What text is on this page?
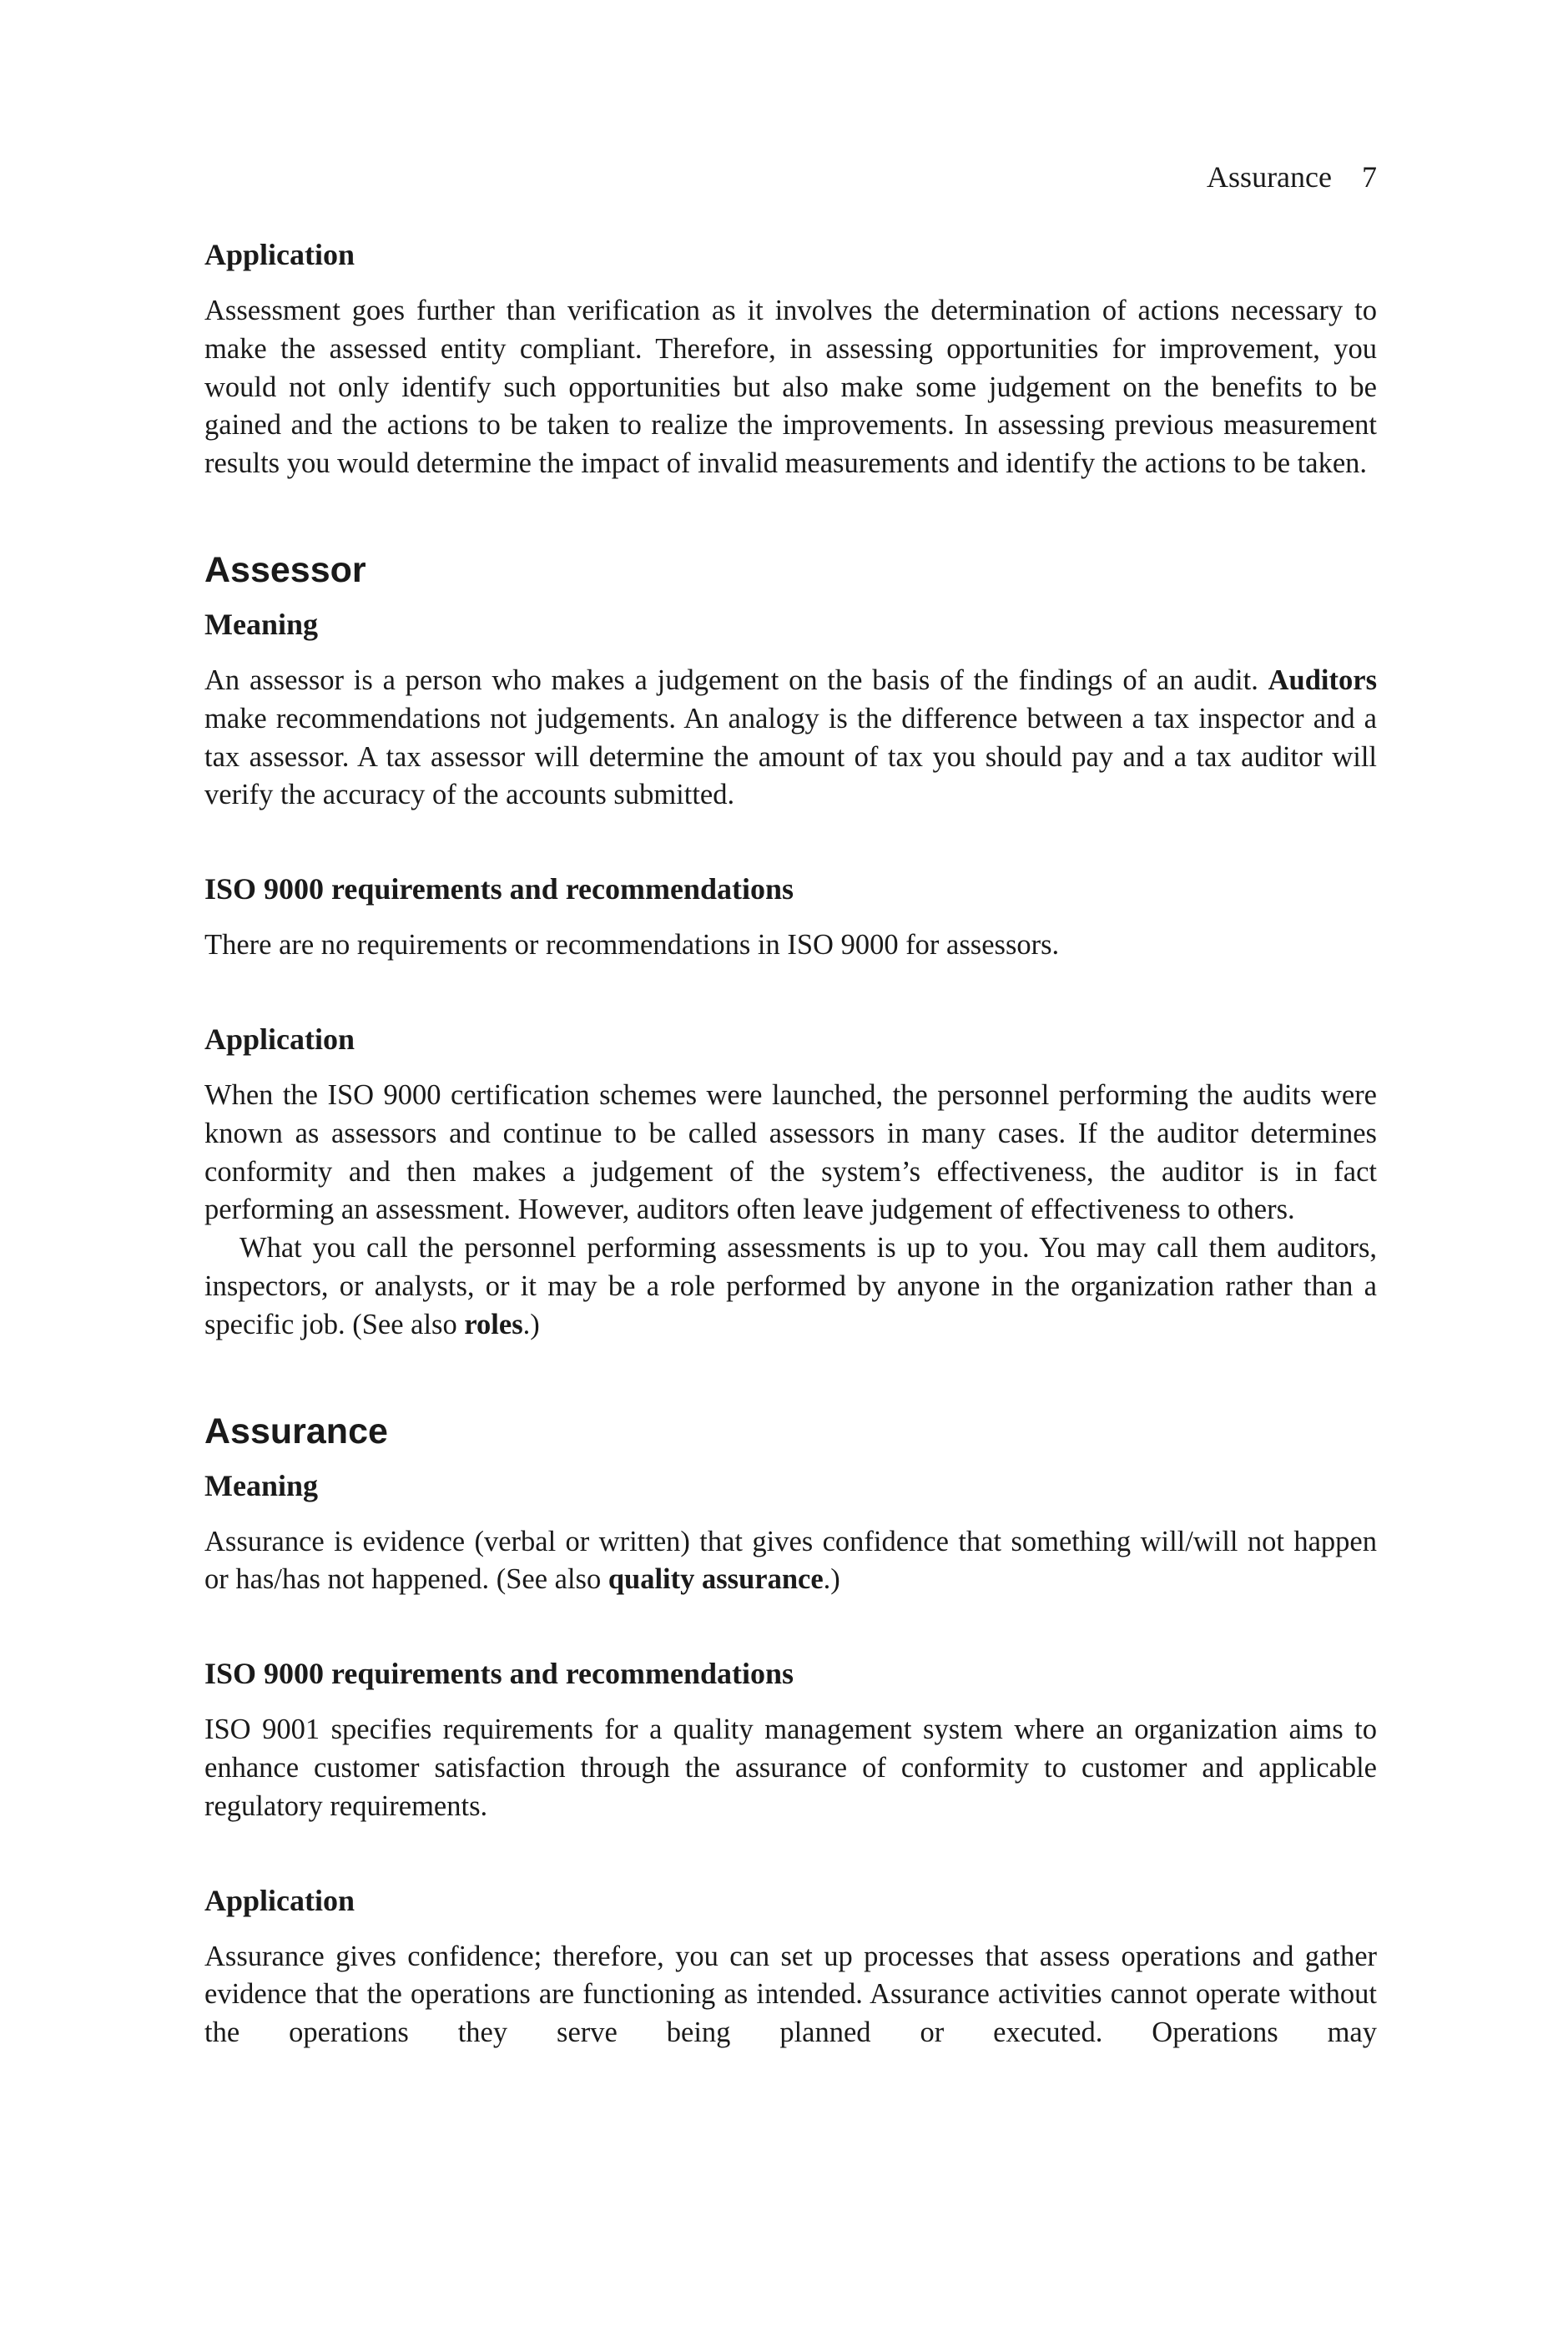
Assurance 7
Application

Assessment goes further than verification as it involves the determination of actions necessary to make the assessed entity compliant. Therefore, in assessing opportunities for improvement, you would not only identify such opportunities but also make some judgement on the benefits to be gained and the actions to be taken to realize the improvements. In assessing previous measurement results you would determine the impact of invalid measurements and identify the actions to be taken.

Assessor
Meaning

An assessor is a person who makes a judgement on the basis of the findings of an audit. Auditors make recommendations not judgements. An analogy is the difference between a tax inspector and a tax assessor. A tax assessor will determine the amount of tax you should pay and a tax auditor will verify the accuracy of the accounts submitted.

ISO 9000 requirements and recommendations

There are no requirements or recommendations in ISO 9000 for assessors.

Application

When the ISO 9000 certification schemes were launched, the personnel performing the audits were known as assessors and continue to be called assessors in many cases. If the auditor determines conformity and then makes a judgement of the system’s effectiveness, the auditor is in fact performing an assessment. However, auditors often leave judgement of effectiveness to others.

What you call the personnel performing assessments is up to you. You may call them auditors, inspectors, or analysts, or it may be a role performed by anyone in the organization rather than a specific job. (See also roles.)

Assurance
Meaning

Assurance is evidence (verbal or written) that gives confidence that something will/will not happen or has/has not happened. (See also quality assurance.)

ISO 9000 requirements and recommendations

ISO 9001 specifies requirements for a quality management system where an organization aims to enhance customer satisfaction through the assurance of conformity to customer and applicable regulatory requirements.

Application

Assurance gives confidence; therefore, you can set up processes that assess operations and gather evidence that the operations are functioning as intended. Assurance activities cannot operate without the operations they serve being planned or executed. Operations may
